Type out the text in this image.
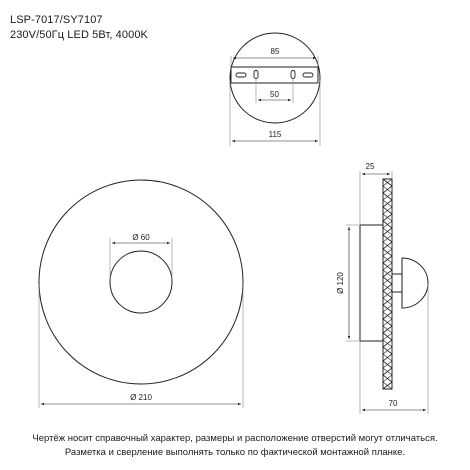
LSP-7017/SY7107
230V/50Гц LED 5Вт, 4000K
85
50
115
Ø 60
Ø 210
25
Ø 120
70
Чертёж носит справочный характер, размеры и расположение отверстий могут отличаться.
Разметка и сверление выполнять только по фактической монтажной планке.
